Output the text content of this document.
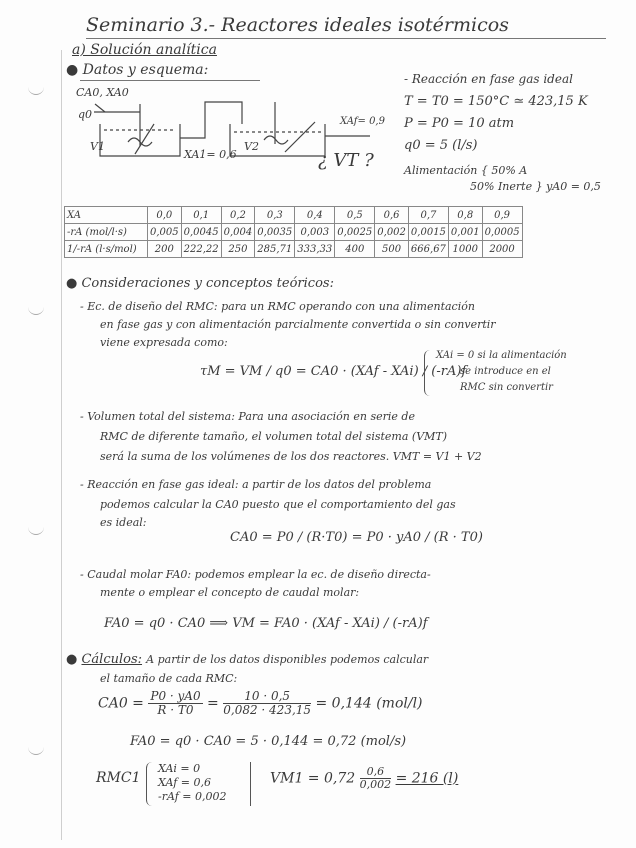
Seminario 3.- Reactores ideales isotérmicos
a) Solución analítica
● Datos y esquema:
CA0, XA0
q0
V1
XA1= 0,6
V2
XAf= 0,9
¿ VT ?
- Reacción en fase gas ideal
T = T0 = 150°C ≃ 423,15 K
P = P0 = 10 atm
q0 = 5 (l/s)
Alimentación { 50% A
50% Inerte } yA0 = 0,5
XA	0,0	0,1	0,2	0,3	0,4	0,5	0,6	0,7	0,8	0,9
-rA (mol/l·s)	0,005	0,0045	0,004	0,0035	0,003	0,0025	0,002	0,0015	0,001	0,0005
1/-rA (l·s/mol)	200	222,22	250	285,71	333,33	400	500	666,67	1000	2000
● Consideraciones y conceptos teóricos:
- Ec. de diseño del RMC: para un RMC operando con una alimentación
en fase gas y con alimentación parcialmente convertida o sin convertir
viene expresada como:
τM = VM / q0 = CA0 · (XAf - XAi) / (-rA)f
XAi = 0 si la alimentación
se introduce en el
RMC sin convertir
- Volumen total del sistema: Para una asociación en serie de
RMC de diferente tamaño, el volumen total del sistema (VMT)
será la suma de los volúmenes de los dos reactores. VMT = V1 + V2
- Reacción en fase gas ideal: a partir de los datos del problema
podemos calcular la CA0 puesto que el comportamiento del gas
es ideal:
CA0 = P0 / (R·T0) = P0 · yA0 / (R · T0)
- Caudal molar FA0: podemos emplear la ec. de diseño directa-
mente o emplear el concepto de caudal molar:
FA0 = q0 · CA0 ⟹ VM = FA0 · (XAf - XAi) / (-rA)f
● Cálculos: A partir de los datos disponibles podemos calcular
el tamaño de cada RMC:
$CA0 = \frac{P0 \cdot yA0}{R \cdot T0} = \frac{10 \cdot 0,5}{0,082 \cdot 423,15} = 0,144$ (mol/l)
FA0 = q0 · CA0 = 5 · 0,144 = 0,72 (mol/s)
RMC1
XAi = 0
XAf = 0,6
-rAf = 0,002
$VM1 = 0,72 \frac{0,6}{0,002} = 216$ (l)
